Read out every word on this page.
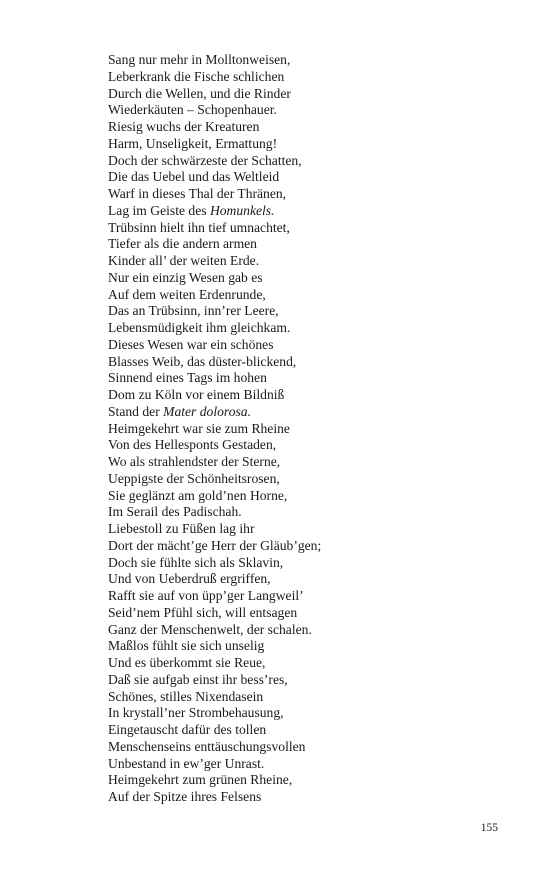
Sang nur mehr in Molltonweisen,
Leberkrank die Fische schlichen
Durch die Wellen, und die Rinder
Wiederkäuten – Schopenhauer.
Riesig wuchs der Kreaturen
Harm, Unseligkeit, Ermattung!
Doch der schwärzeste der Schatten,
Die das Uebel und das Weltleid
Warf in dieses Thal der Thränen,
Lag im Geiste des Homunkels.
Trübsinn hielt ihn tief umnachtet,
Tiefer als die andern armen
Kinder all’ der weiten Erde.
Nur ein einzig Wesen gab es
Auf dem weiten Erdenrunde,
Das an Trübsinn, inn’rer Leere,
Lebensmüdigkeit ihm gleichkam.
Dieses Wesen war ein schönes
Blasses Weib, das düster-blickend,
Sinnend eines Tags im hohen
Dom zu Köln vor einem Bildniß
Stand der Mater dolorosa.
Heimgekehrt war sie zum Rheine
Von des Hellesponts Gestaden,
Wo als strahlendster der Sterne,
Ueppigste der Schönheitsrosen,
Sie geglänzt am gold’nen Horne,
Im Serail des Padischah.
Liebestoll zu Füßen lag ihr
Dort der mächt’ge Herr der Gläub’gen;
Doch sie fühlte sich als Sklavin,
Und von Ueberdruß ergriffen,
Rafft sie auf von üpp’ger Langweil’
Seid’nem Pfühl sich, will entsagen
Ganz der Menschenwelt, der schalen.
Maßlos fühlt sie sich unselig
Und es überkommt sie Reue,
Daß sie aufgab einst ihr bess’res,
Schönes, stilles Nixendasein
In krystall’ner Strombehausung,
Eingetauscht dafür des tollen
Menschenseins enttäuschungsvollen
Unbestand in ew’ger Unrast.
Heimgekehrt zum grünen Rheine,
Auf der Spitze ihres Felsens
155
